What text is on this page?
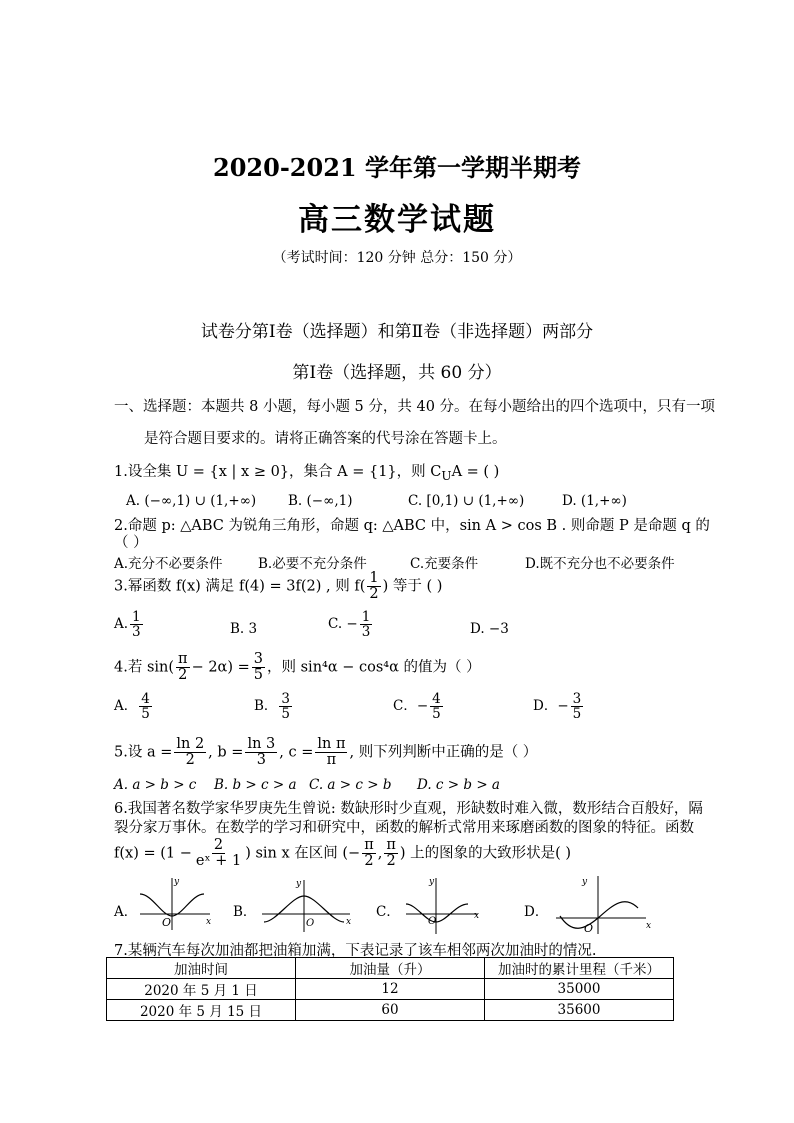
2020-2021 学年第一学期半期考
高三数学试题
（考试时间：120 分钟 总分：150 分）
试卷分第Ⅰ卷（选择题）和第Ⅱ卷（非选择题）两部分
第Ⅰ卷（选择题，共 60 分）
一、选择题：本题共 8 小题，每小题 5 分，共 40 分。在每小题给出的四个选项中，只有一项
是符合题目要求的。请将正确答案的代号涂在答题卡上。
1.设全集 U = {x | x ≥ 0}，集合 A = {1}，则 $C_UA$ = ( )
A. (−∞,1) ∪ (1,+∞) B. (−∞,1)	C. [0,1) ∪ (1,+∞)	D. (1,+∞)
2.命题 p: △ABC 为锐角三角形，命题 q: △ABC 中，sin A > cos B . 则命题 P 是命题 q 的
（ ）
A.充分不必要条件	B.必要不充分条件	C.充要条件	D.既不充分也不必要条件
3.幂函数 f(x) 满足 f(4) = 3f(2) , 则 $f( \frac{1}{2}$ ) 等于 ( )
A. $\frac{1}{3}$	B. 3	C. − $\frac{1}{3}$	D. −3
4.若 $\sin( \frac{\pi}{2} - 2\alpha) = \frac{3}{5}$ ，则 sin⁴α − cos⁴α 的值为（ ）
A． $\frac{4}{5}$	B． $\frac{3}{5}$	C．− $\frac{4}{5}$	D．− $\frac{3}{5}$
5.设 $a = \frac{\ln 2}{2}$ , $b = \frac{\ln 3}{3}$ , $c = \frac{\text{ln π}}{\pi}$ , 则下列判断中正确的是（ ）
A. a > b > c B. b > c > a C. a > c > b D. c > b > a
6.我国著名数学家华罗庚先生曾说: 数缺形时少直观，形缺数时难入微，数形结合百般好，隔
裂分家万事休。在数学的学习和研究中，函数的解析式常用来琢磨函数的图象的特征。函数
$f(x) = (1 - \frac{2}{\text{eˣ + 1}}$ ) sin x 在区间 (− $\frac{\pi}{2}$ , $\frac{\pi}{2}$ ) 上的图象的大致形状是( )
A．	B．	C．	D．
y
x
O
y
x
O
y
x
O
y
x
O
7.某辆汽车每次加油都把油箱加满，下表记录了该车相邻两次加油时的情况.
加油时间	加油量（升）	加油时的累计里程（千米）
2020 年 5 月 1 日	12	35000
2020 年 5 月 15 日	60	35600
